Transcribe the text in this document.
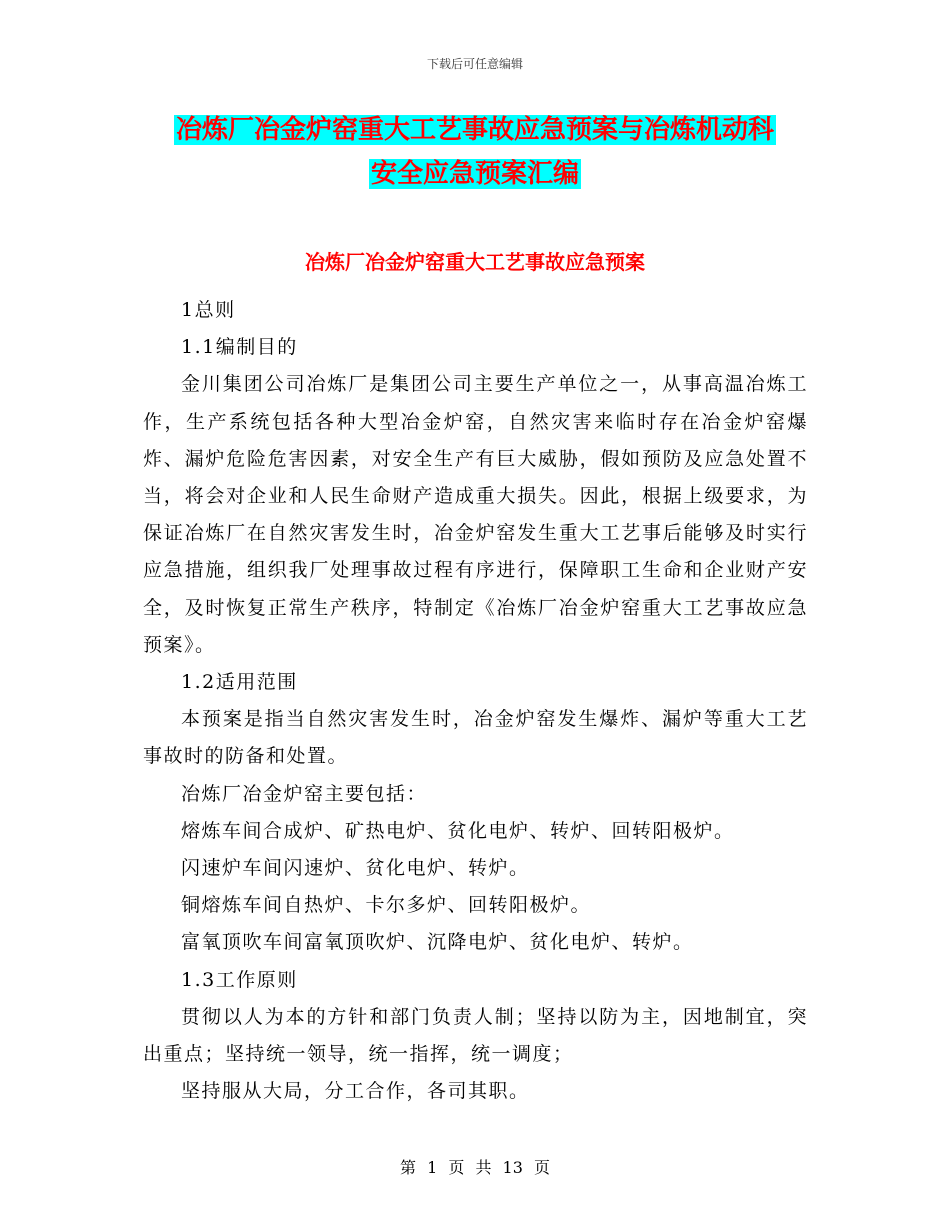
下载后可任意编辑
冶炼厂冶金炉窑重大工艺事故应急预案与冶炼机动科
安全应急预案汇编
冶炼厂冶金炉窑重大工艺事故应急预案

1总则

1.1编制目的

金川集团公司冶炼厂是集团公司主要生产单位之一，从事高温冶炼工作，生产系统包括各种大型冶金炉窑，自然灾害来临时存在冶金炉窑爆炸、漏炉危险危害因素，对安全生产有巨大威胁，假如预防及应急处置不当，将会对企业和人民生命财产造成重大损失。因此，根据上级要求，为保证冶炼厂在自然灾害发生时，冶金炉窑发生重大工艺事后能够及时实行应急措施，组织我厂处理事故过程有序进行，保障职工生命和企业财产安全，及时恢复正常生产秩序，特制定《冶炼厂冶金炉窑重大工艺事故应急预案》。

1.2适用范围

本预案是指当自然灾害发生时，冶金炉窑发生爆炸、漏炉等重大工艺事故时的防备和处置。

冶炼厂冶金炉窑主要包括：

熔炼车间合成炉、矿热电炉、贫化电炉、转炉、回转阳极炉。

闪速炉车间闪速炉、贫化电炉、转炉。

铜熔炼车间自热炉、卡尔多炉、回转阳极炉。

富氧顶吹车间富氧顶吹炉、沉降电炉、贫化电炉、转炉。

1.3工作原则

贯彻以人为本的方针和部门负责人制；坚持以防为主，因地制宜，突出重点；坚持统一领导，统一指挥，统一调度；

坚持服从大局，分工合作，各司其职。

第 1 页 共 13 页
